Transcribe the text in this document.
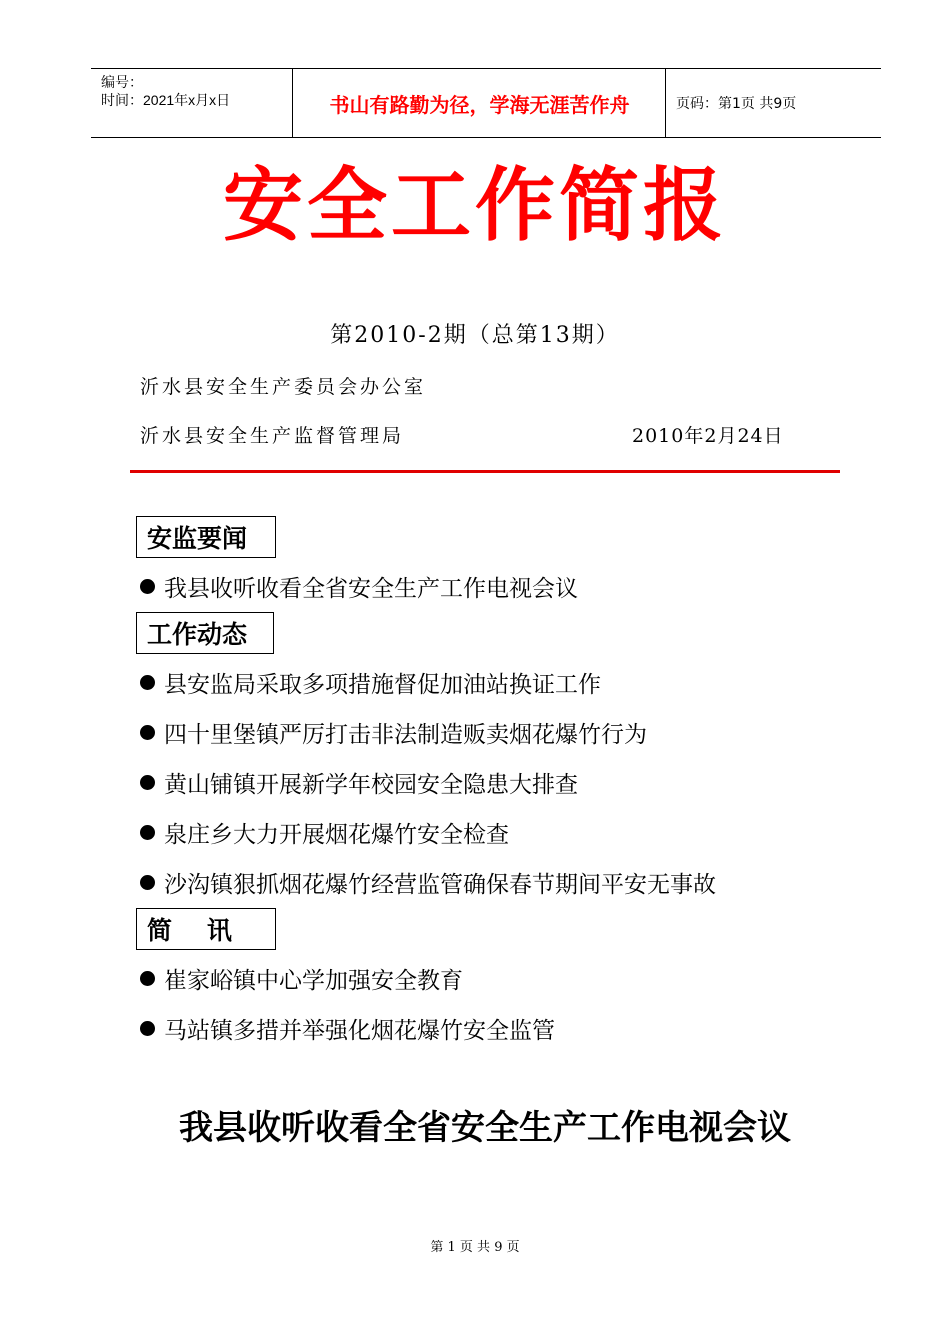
编号：
时间：2021年x月x日	书山有路勤为径，学海无涯苦作舟	页码：第1页 共9页
安全工作简报
第2010-2期（总第13期）
沂水县安全生产委员会办公室
沂水县安全生产监督管理局	2010年2月24日
安监要闻
我县收听收看全省安全生产工作电视会议
工作动态
县安监局采取多项措施督促加油站换证工作
四十里堡镇严厉打击非法制造贩卖烟花爆竹行为
黄山铺镇开展新学年校园安全隐患大排查
泉庄乡大力开展烟花爆竹安全检查
沙沟镇狠抓烟花爆竹经营监管确保春节期间平安无事故
简    讯
崔家峪镇中心学加强安全教育
马站镇多措并举强化烟花爆竹安全监管
我县收听收看全省安全生产工作电视会议
第 1 页 共 9 页
